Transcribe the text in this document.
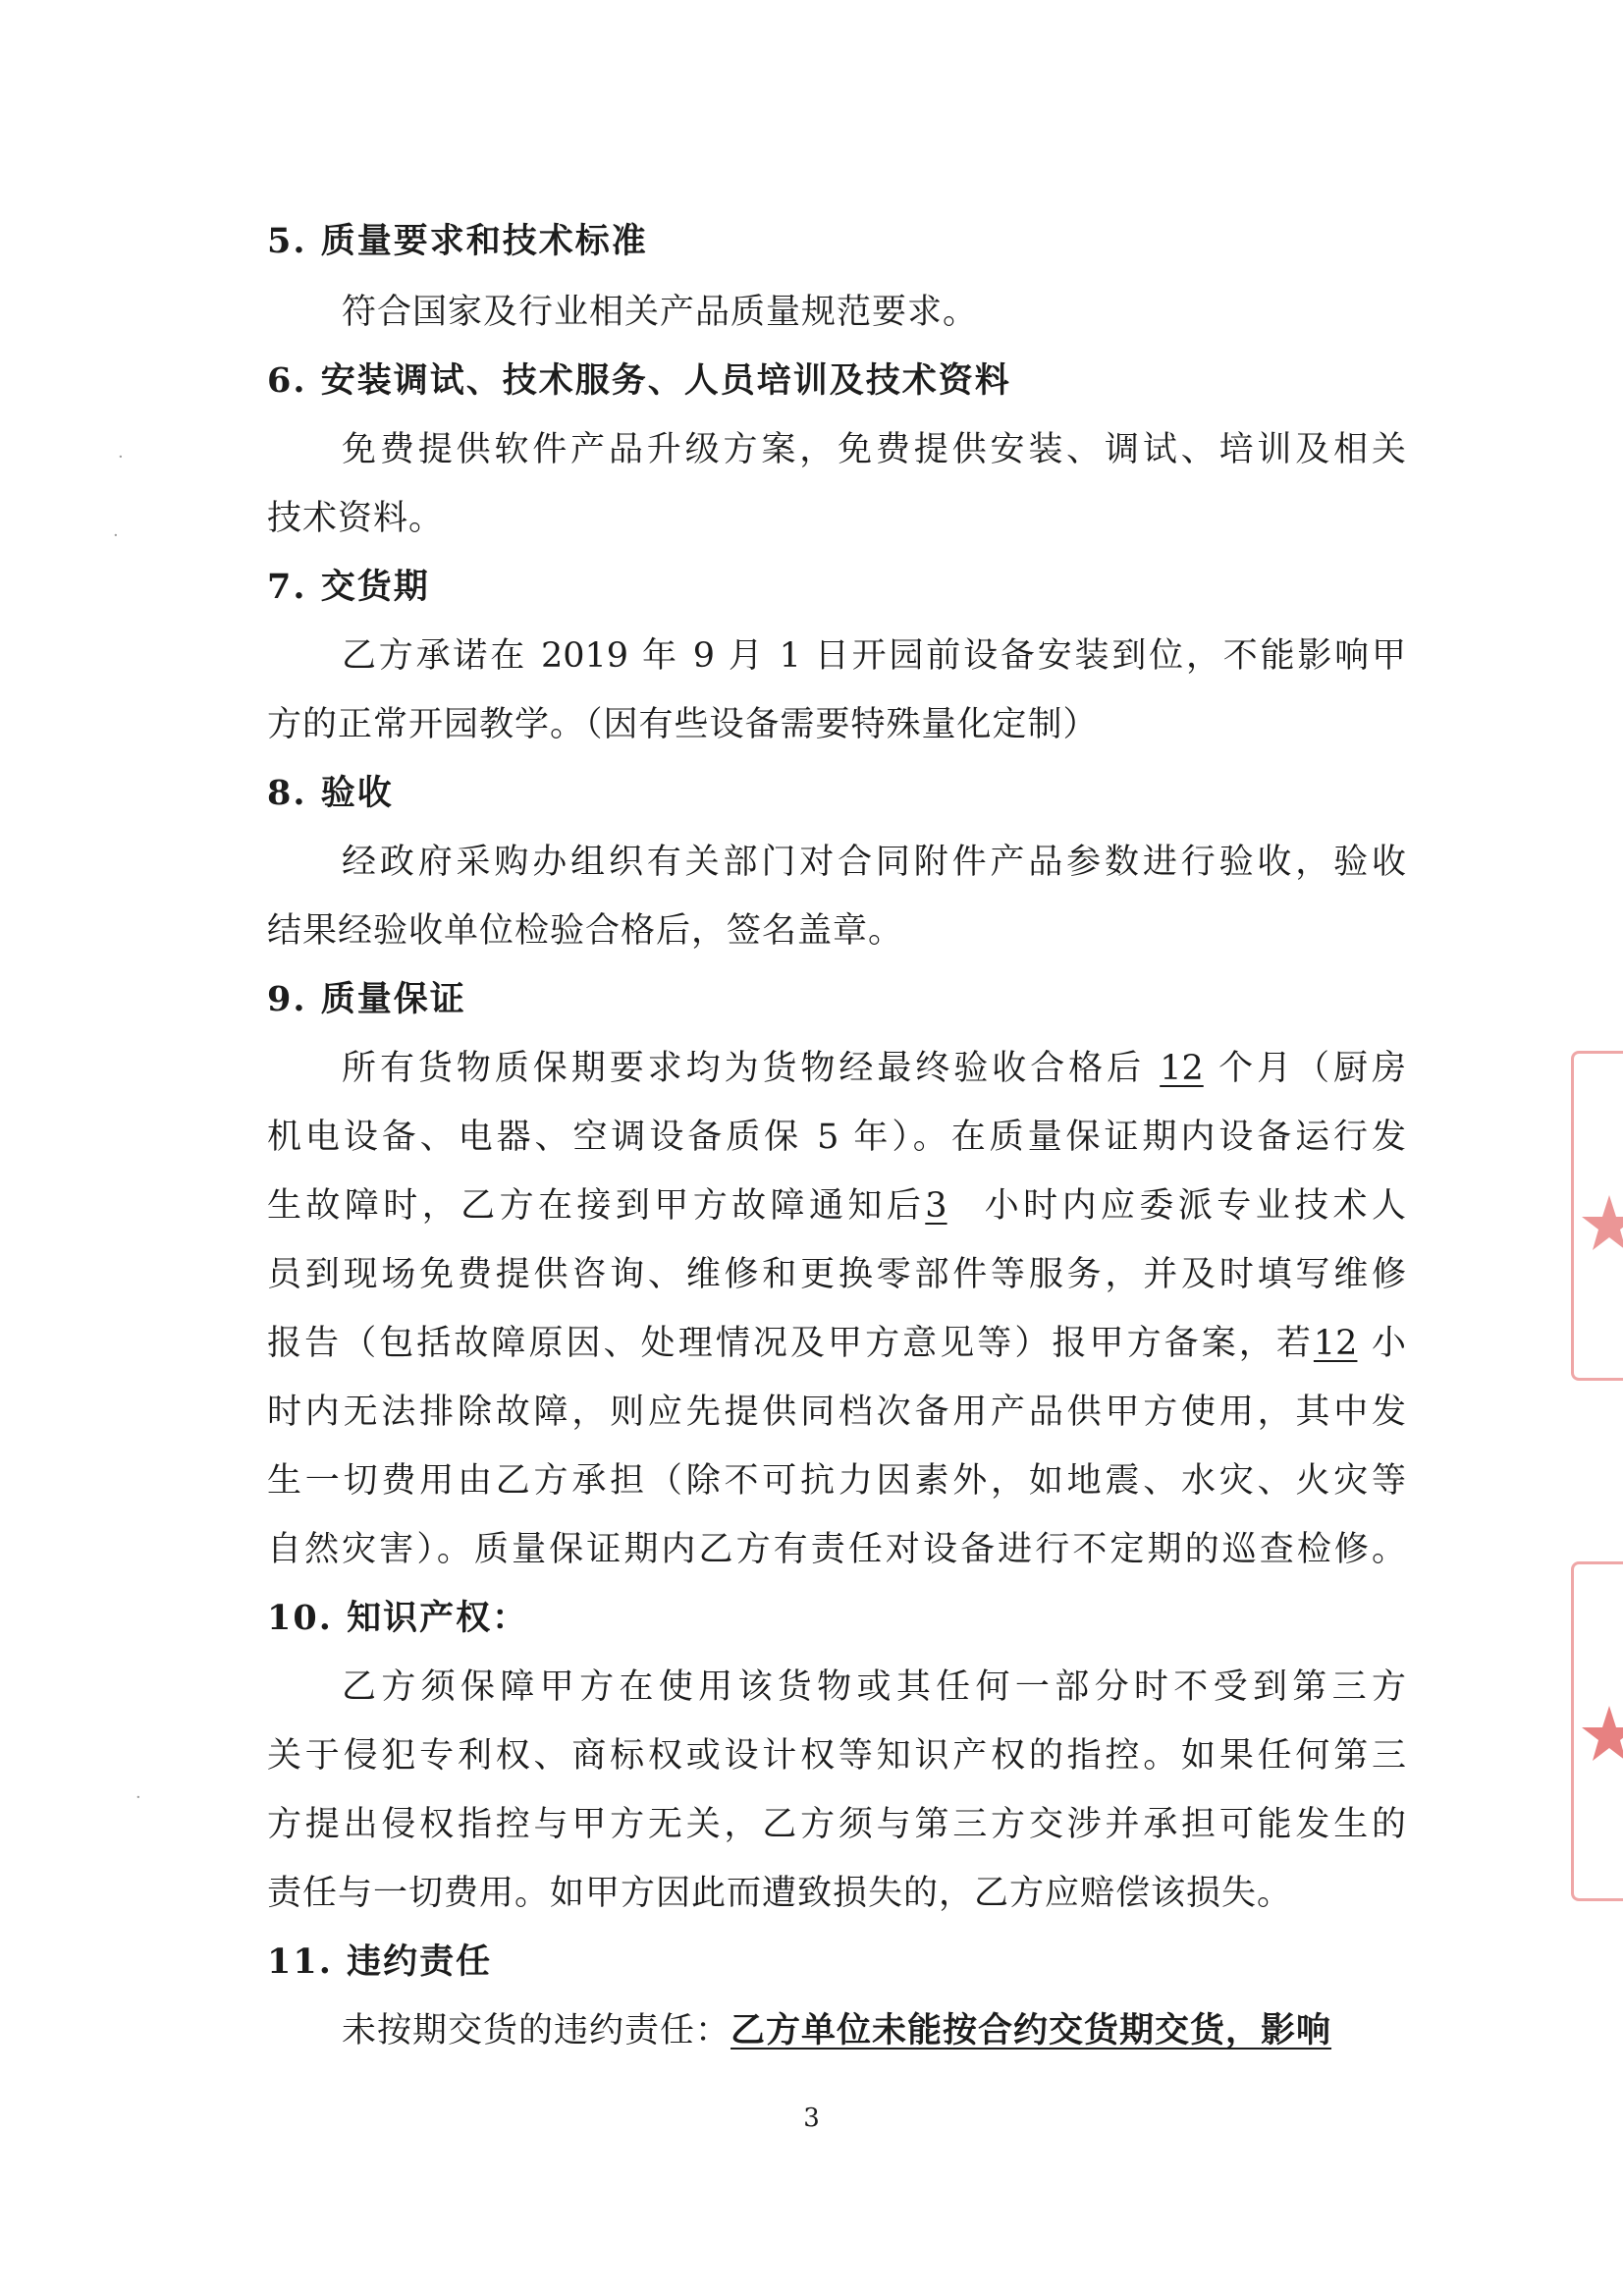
5. 质量要求和技术标准
符合国家及行业相关产品质量规范要求。
6. 安装调试、技术服务、人员培训及技术资料
免费提供软件产品升级方案，免费提供安装、调试、培训及相关
技术资料。
7. 交货期
乙方承诺在 2019 年 9 月 1 日开园前设备安装到位，不能影响甲
方的正常开园教学。（因有些设备需要特殊量化定制）
8. 验收
经政府采购办组织有关部门对合同附件产品参数进行验收，验收
结果经验收单位检验合格后，签名盖章。
9. 质量保证
所有货物质保期要求均为货物经最终验收合格后 12 个月（厨房
机电设备、电器、空调设备质保 5 年）。在质量保证期内设备运行发
生故障时，乙方在接到甲方故障通知后3 小时内应委派专业技术人
员到现场免费提供咨询、维修和更换零部件等服务，并及时填写维修
报告（包括故障原因、处理情况及甲方意见等）报甲方备案，若12 小
时内无法排除故障，则应先提供同档次备用产品供甲方使用，其中发
生一切费用由乙方承担（除不可抗力因素外，如地震、水灾、火灾等
自然灾害）。质量保证期内乙方有责任对设备进行不定期的巡查检修。
10. 知识产权：
乙方须保障甲方在使用该货物或其任何一部分时不受到第三方
关于侵犯专利权、商标权或设计权等知识产权的指控。如果任何第三
方提出侵权指控与甲方无关，乙方须与第三方交涉并承担可能发生的
责任与一切费用。如甲方因此而遭致损失的，乙方应赔偿该损失。
11. 违约责任
未按期交货的违约责任：乙方单位未能按合约交货期交货，影响
3
·
·
·
